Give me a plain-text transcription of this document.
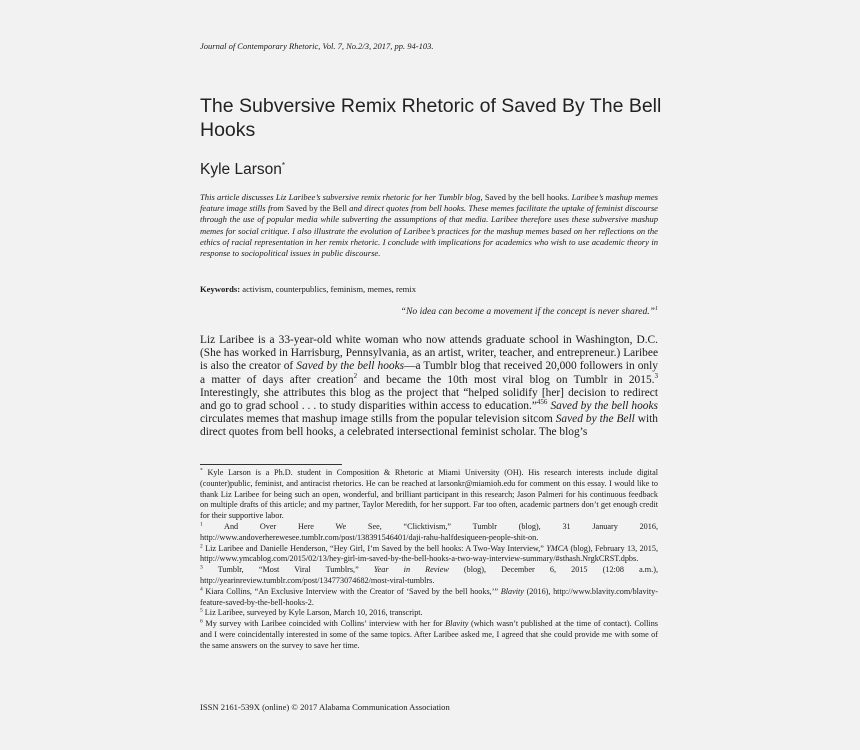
Journal of Contemporary Rhetoric, Vol. 7, No.2/3, 2017, pp. 94-103.
The Subversive Remix Rhetoric of Saved By The Bell Hooks
Kyle Larson*

This article discusses Liz Laribee’s subversive remix rhetoric for her Tumblr blog, Saved by the bell hooks. Laribee’s mashup memes feature image stills from Saved by the Bell and direct quotes from bell hooks. These memes facilitate the uptake of feminist discourse through the use of popular media while subverting the assumptions of that media. Laribee therefore uses these subversive mashup memes for social critique. I also illustrate the evolution of Laribee’s practices for the mashup memes based on her reflections on the ethics of racial representation in her remix rhetoric. I conclude with implications for academics who wish to use academic theory in response to sociopolitical issues in public discourse.

Keywords: activism, counterpublics, feminism, memes, remix
“No idea can become a movement if the concept is never shared.”$^1$

Liz Laribee is a 33-year-old white woman who now attends graduate school in Washington, D.C. (She has worked in Harrisburg, Pennsylvania, as an artist, writer, teacher, and entrepreneur.) Laribee is also the creator of Saved by the bell hooks—a Tumblr blog that received 20,000 followers in only a matter of days after creation$^2$ and became the 10th most viral blog on Tumblr in 2015.$^3$ Interestingly, she attributes this blog as the project that “helped solidify [her] decision to redirect and go to grad school . . . to study disparities within access to education.”$^{456}$ Saved by the bell hooks circulates memes that mashup image stills from the popular television sitcom Saved by the Bell with direct quotes from bell hooks, a celebrated intersectional feminist scholar. The blog’s

* Kyle Larson is a Ph.D. student in Composition & Rhetoric at Miami University (OH). His research interests include digital (counter)public, feminist, and antiracist rhetorics. He can be reached at larsonkr@miamioh.edu for comment on this essay. I would like to thank Liz Laribee for being such an open, wonderful, and brilliant participant in this research; Jason Palmeri for his continuous feedback on multiple drafts of this article; and my partner, Taylor Meredith, for her support. Far too often, academic partners don’t get enough credit for their supportive labor.

$^1$ And Over Here We See, “Clicktivism,” Tumblr (blog), 31 January 2016, http://www.andoverherewesee.tumblr.com/post/138391546401/daji-rahu-halfdesiqueen-people-shit-on.

$^2$ Liz Laribee and Danielle Henderson, “Hey Girl, I’m Saved by the bell hooks: A Two-Way Interview,” YMCA (blog), February 13, 2015, http://www.ymcablog.com/2015/02/13/hey-girl-im-saved-by-the-bell-hooks-a-two-way-interview-summary/#sthash.NrgkCRST.dpbs.

$^3$ Tumblr, “Most Viral Tumblrs,” Year in Review (blog), December 6, 2015 (12:08 a.m.), http://yearinreview.tumblr.com/post/134773074682/most-viral-tumblrs.

$^4$ Kiara Collins, “An Exclusive Interview with the Creator of ‘Saved by the bell hooks,’” Blavity (2016), http://www.blavity.com/blavity-feature-saved-by-the-bell-hooks-2.

$^5$ Liz Laribee, surveyed by Kyle Larson, March 10, 2016, transcript.

$^6$ My survey with Laribee coincided with Collins’ interview with her for Blavity (which wasn’t published at the time of contact). Collins and I were coincidentally interested in some of the same topics. After Laribee asked me, I agreed that she could provide me with some of the same answers on the survey to save her time.

ISSN 2161-539X (online) © 2017 Alabama Communication Association
